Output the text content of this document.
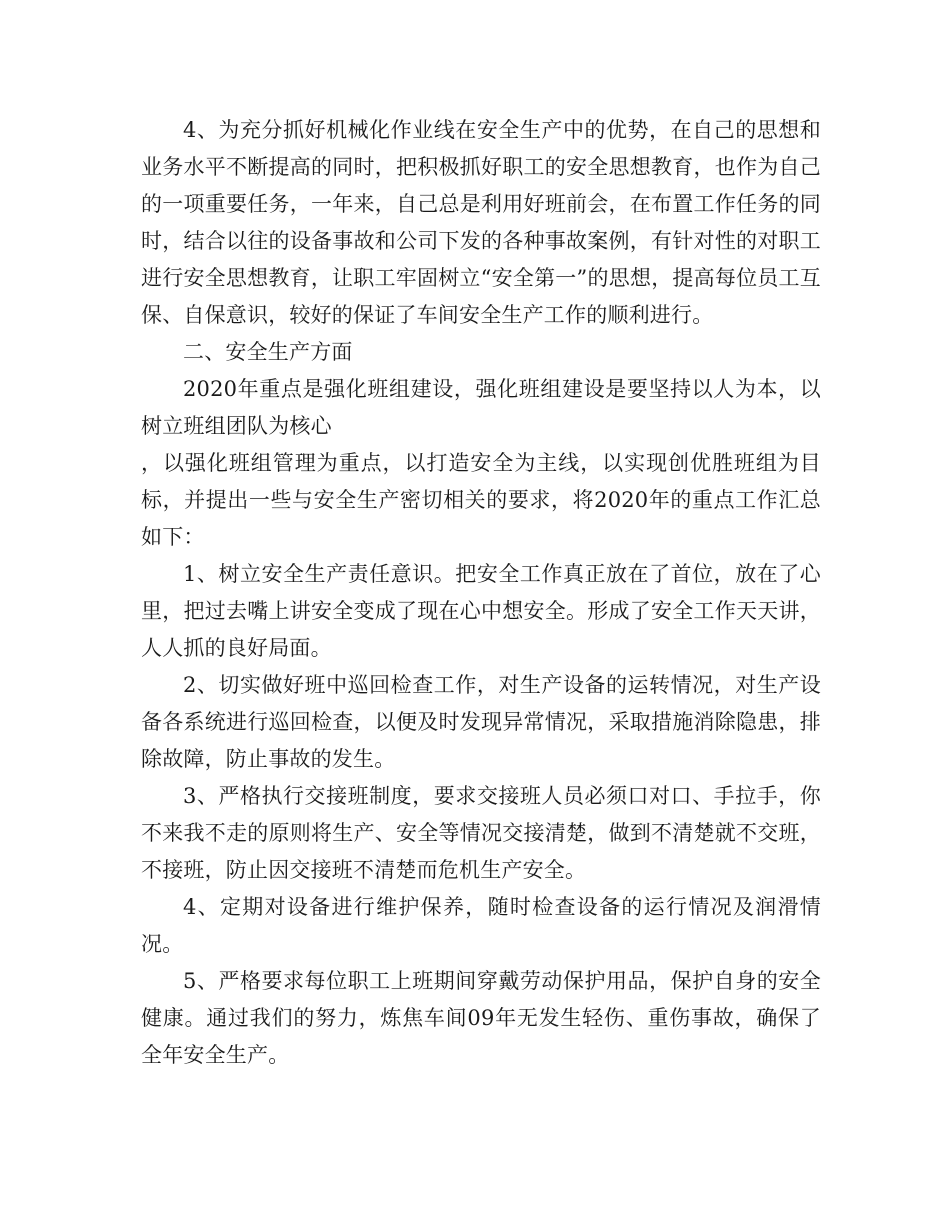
4、为充分抓好机械化作业线在安全生产中的优势，在自己的思想和业务水平不断提高的同时，把积极抓好职工的安全思想教育，也作为自己的一项重要任务，一年来，自己总是利用好班前会，在布置工作任务的同时，结合以往的设备事故和公司下发的各种事故案例，有针对性的对职工进行安全思想教育，让职工牢固树立“安全第一”的思想，提高每位员工互保、自保意识，较好的保证了车间安全生产工作的顺利进行。

二、安全生产方面

2020年重点是强化班组建设，强化班组建设是要坚持以人为本，以树立班组团队为核心

，以强化班组管理为重点，以打造安全为主线，以实现创优胜班组为目标，并提出一些与安全生产密切相关的要求，将2020年的重点工作汇总如下：

1、树立安全生产责任意识。把安全工作真正放在了首位，放在了心里，把过去嘴上讲安全变成了现在心中想安全。形成了安全工作天天讲，人人抓的良好局面。

2、切实做好班中巡回检查工作，对生产设备的运转情况，对生产设备各系统进行巡回检查，以便及时发现异常情况，采取措施消除隐患，排除故障，防止事故的发生。

3、严格执行交接班制度，要求交接班人员必须口对口、手拉手，你不来我不走的原则将生产、安全等情况交接清楚，做到不清楚就不交班，不接班，防止因交接班不清楚而危机生产安全。

4、定期对设备进行维护保养，随时检查设备的运行情况及润滑情况。

5、严格要求每位职工上班期间穿戴劳动保护用品，保护自身的安全健康。通过我们的努力，炼焦车间09年无发生轻伤、重伤事故，确保了全年安全生产。
